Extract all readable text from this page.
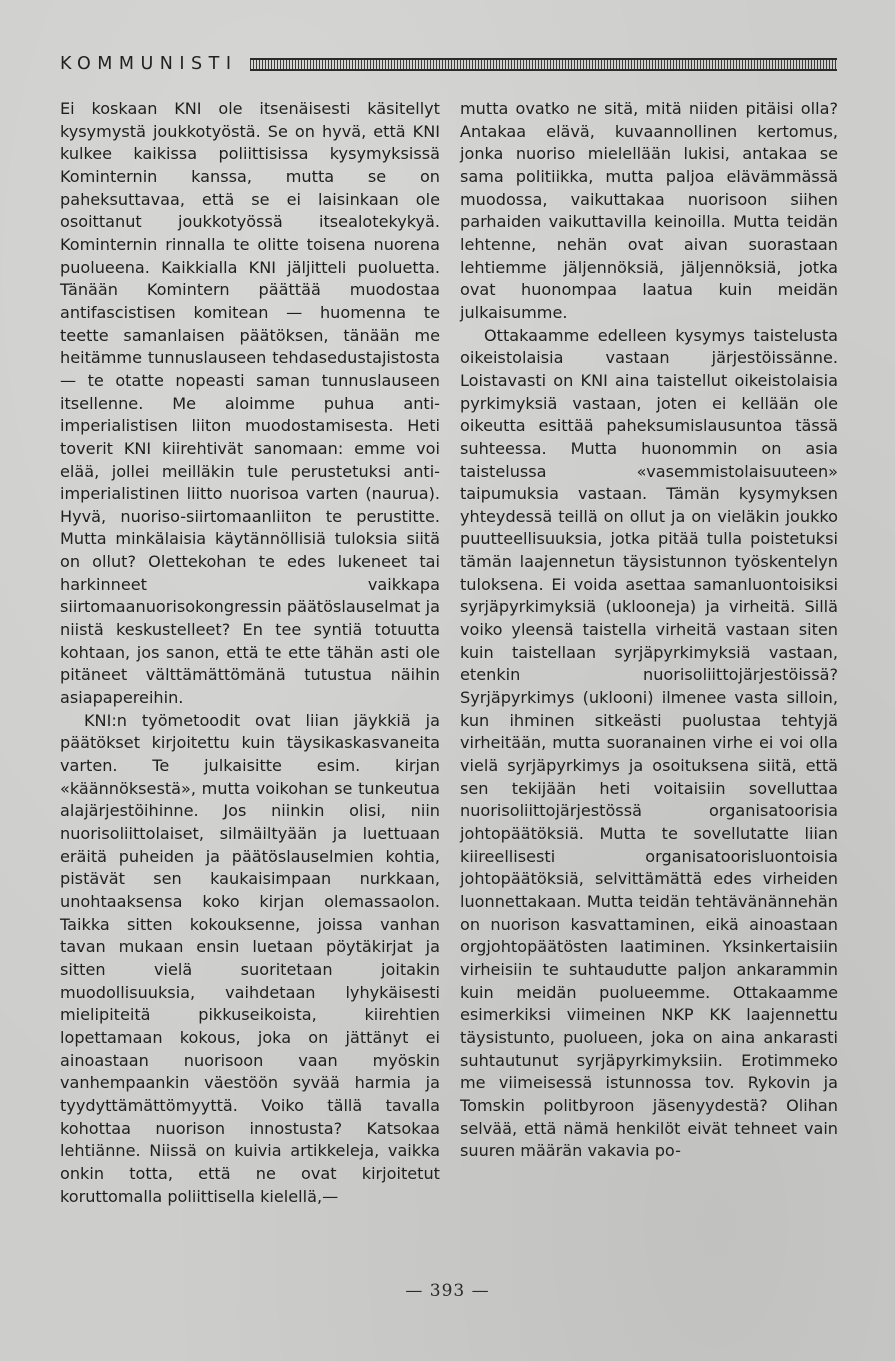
KOMMUNISTI

Ei koskaan KNI ole itsenäisesti käsitellyt kysymystä joukkotyöstä. Se on hyvä, että KNI kulkee kaikissa poliittisissa kysymyksissä Kominternin kanssa, mutta se on paheksuttavaa, että se ei laisinkaan ole osoittanut joukkotyössä itsealotekykyä. Kominternin rinnalla te olitte toisena nuorena puolueena. Kaikkialla KNI jäljitteli puoluetta. Tänään Komintern päättää muodostaa antifascistisen komitean — huomenna te teette samanlaisen päätöksen, tänään me heitämme tunnuslauseen tehdasedustajistosta — te otatte nopeasti saman tunnuslauseen itsellenne. Me aloimme puhua anti-imperialistisen liiton muodostamisesta. Heti toverit KNI kiirehtivät sanomaan: emme voi elää, jollei meilläkin tule perustetuksi anti-imperialistinen liitto nuorisoa varten (naurua). Hyvä, nuoriso-siirtomaanliiton te perustitte. Mutta minkälaisia käytännöllisiä tuloksia siitä on ollut? Olettekohan te edes lukeneet tai harkinneet vaikkapa siirtomaanuorisokongressin päätöslauselmat ja niistä keskustelleet? En tee syntiä totuutta kohtaan, jos sanon, että te ette tähän asti ole pitäneet välttämättömänä tutustua näihin asiapapereihin.

KNI:n työmetoodit ovat liian jäykkiä ja päätökset kirjoitettu kuin täysikaskasvaneita varten. Te julkaisitte esim. kirjan «käännöksestä», mutta voikohan se tunkeutua alajärjestöihinne. Jos niinkin olisi, niin nuorisoliittolaiset, silmäiltyään ja luettuaan eräitä puheiden ja päätöslauselmien kohtia, pistävät sen kaukaisimpaan nurkkaan, unohtaaksensa koko kirjan olemassaolon. Taikka sitten kokouksenne, joissa vanhan tavan mukaan ensin luetaan pöytäkirjat ja sitten vielä suoritetaan joitakin muodollisuuksia, vaihdetaan lyhykäisesti mielipiteitä pikkuseikoista, kiirehtien lopettamaan kokous, joka on jättänyt ei ainoastaan nuorisoon vaan myöskin vanhempaankin väestöön syvää harmia ja tyydyttämättömyyttä. Voiko tällä tavalla kohottaa nuorison innostusta? Katsokaa lehtiänne. Niissä on kuivia artikkeleja, vaikka onkin totta, että ne ovat kirjoitetut koruttomalla poliittisella kielellä,—

mutta ovatko ne sitä, mitä niiden pitäisi olla? Antakaa elävä, kuvaannollinen kertomus, jonka nuoriso mielellään lukisi, antakaa se sama politiikka, mutta paljoa elävämmässä muodossa, vaikuttakaa nuorisoon siihen parhaiden vaikuttavilla keinoilla. Mutta teidän lehtenne, nehän ovat aivan suorastaan lehtiemme jäljennöksiä, jäljennöksiä, jotka ovat huonompaa laatua kuin meidän julkaisumme.

Ottakaamme edelleen kysymys taistelusta oikeistolaisia vastaan järjestöissänne. Loistavasti on KNI aina taistellut oikeistolaisia pyrkimyksiä vastaan, joten ei kellään ole oikeutta esittää paheksumislausuntoa tässä suhteessa. Mutta huonommin on asia taistelussa «vasemmistolaisuuteen» taipumuksia vastaan. Tämän kysymyksen yhteydessä teillä on ollut ja on vieläkin joukko puutteellisuuksia, jotka pitää tulla poistetuksi tämän laajennetun täysistunnon työskentelyn tuloksena. Ei voida asettaa samanluontoisiksi syrjäpyrkimyksiä (uklooneja) ja virheitä. Sillä voiko yleensä taistella virheitä vastaan siten kuin taistellaan syrjäpyrkimyksiä vastaan, etenkin nuorisoliittojärjestöissä? Syrjäpyrkimys (uklooni) ilmenee vasta silloin, kun ihminen sitkeästi puolustaa tehtyjä virheitään, mutta suoranainen virhe ei voi olla vielä syrjäpyrkimys ja osoituksena siitä, että sen tekijään heti voitaisiin sovelluttaa nuorisoliittojärjestössä organisatoorisia johtopäätöksiä. Mutta te sovellutatte liian kiireellisesti organisatoorisluontoisia johtopäätöksiä, selvittämättä edes virheiden luonnettakaan. Mutta teidän tehtävänännehän on nuorison kasvattaminen, eikä ainoastaan orgjohtopäätösten laatiminen. Yksinkertaisiin virheisiin te suhtaudutte paljon ankarammin kuin meidän puolueemme. Ottakaamme esimerkiksi viimeinen NKP KK laajennettu täysistunto, puolueen, joka on aina ankarasti suhtautunut syrjäpyrkimyksiin. Erotimmeko me viimeisessä istunnossa tov. Rykovin ja Tomskin politbyroon jäsenyydestä? Olihan selvää, että nämä henkilöt eivät tehneet vain suuren määrän vakavia po-

— 393 —
